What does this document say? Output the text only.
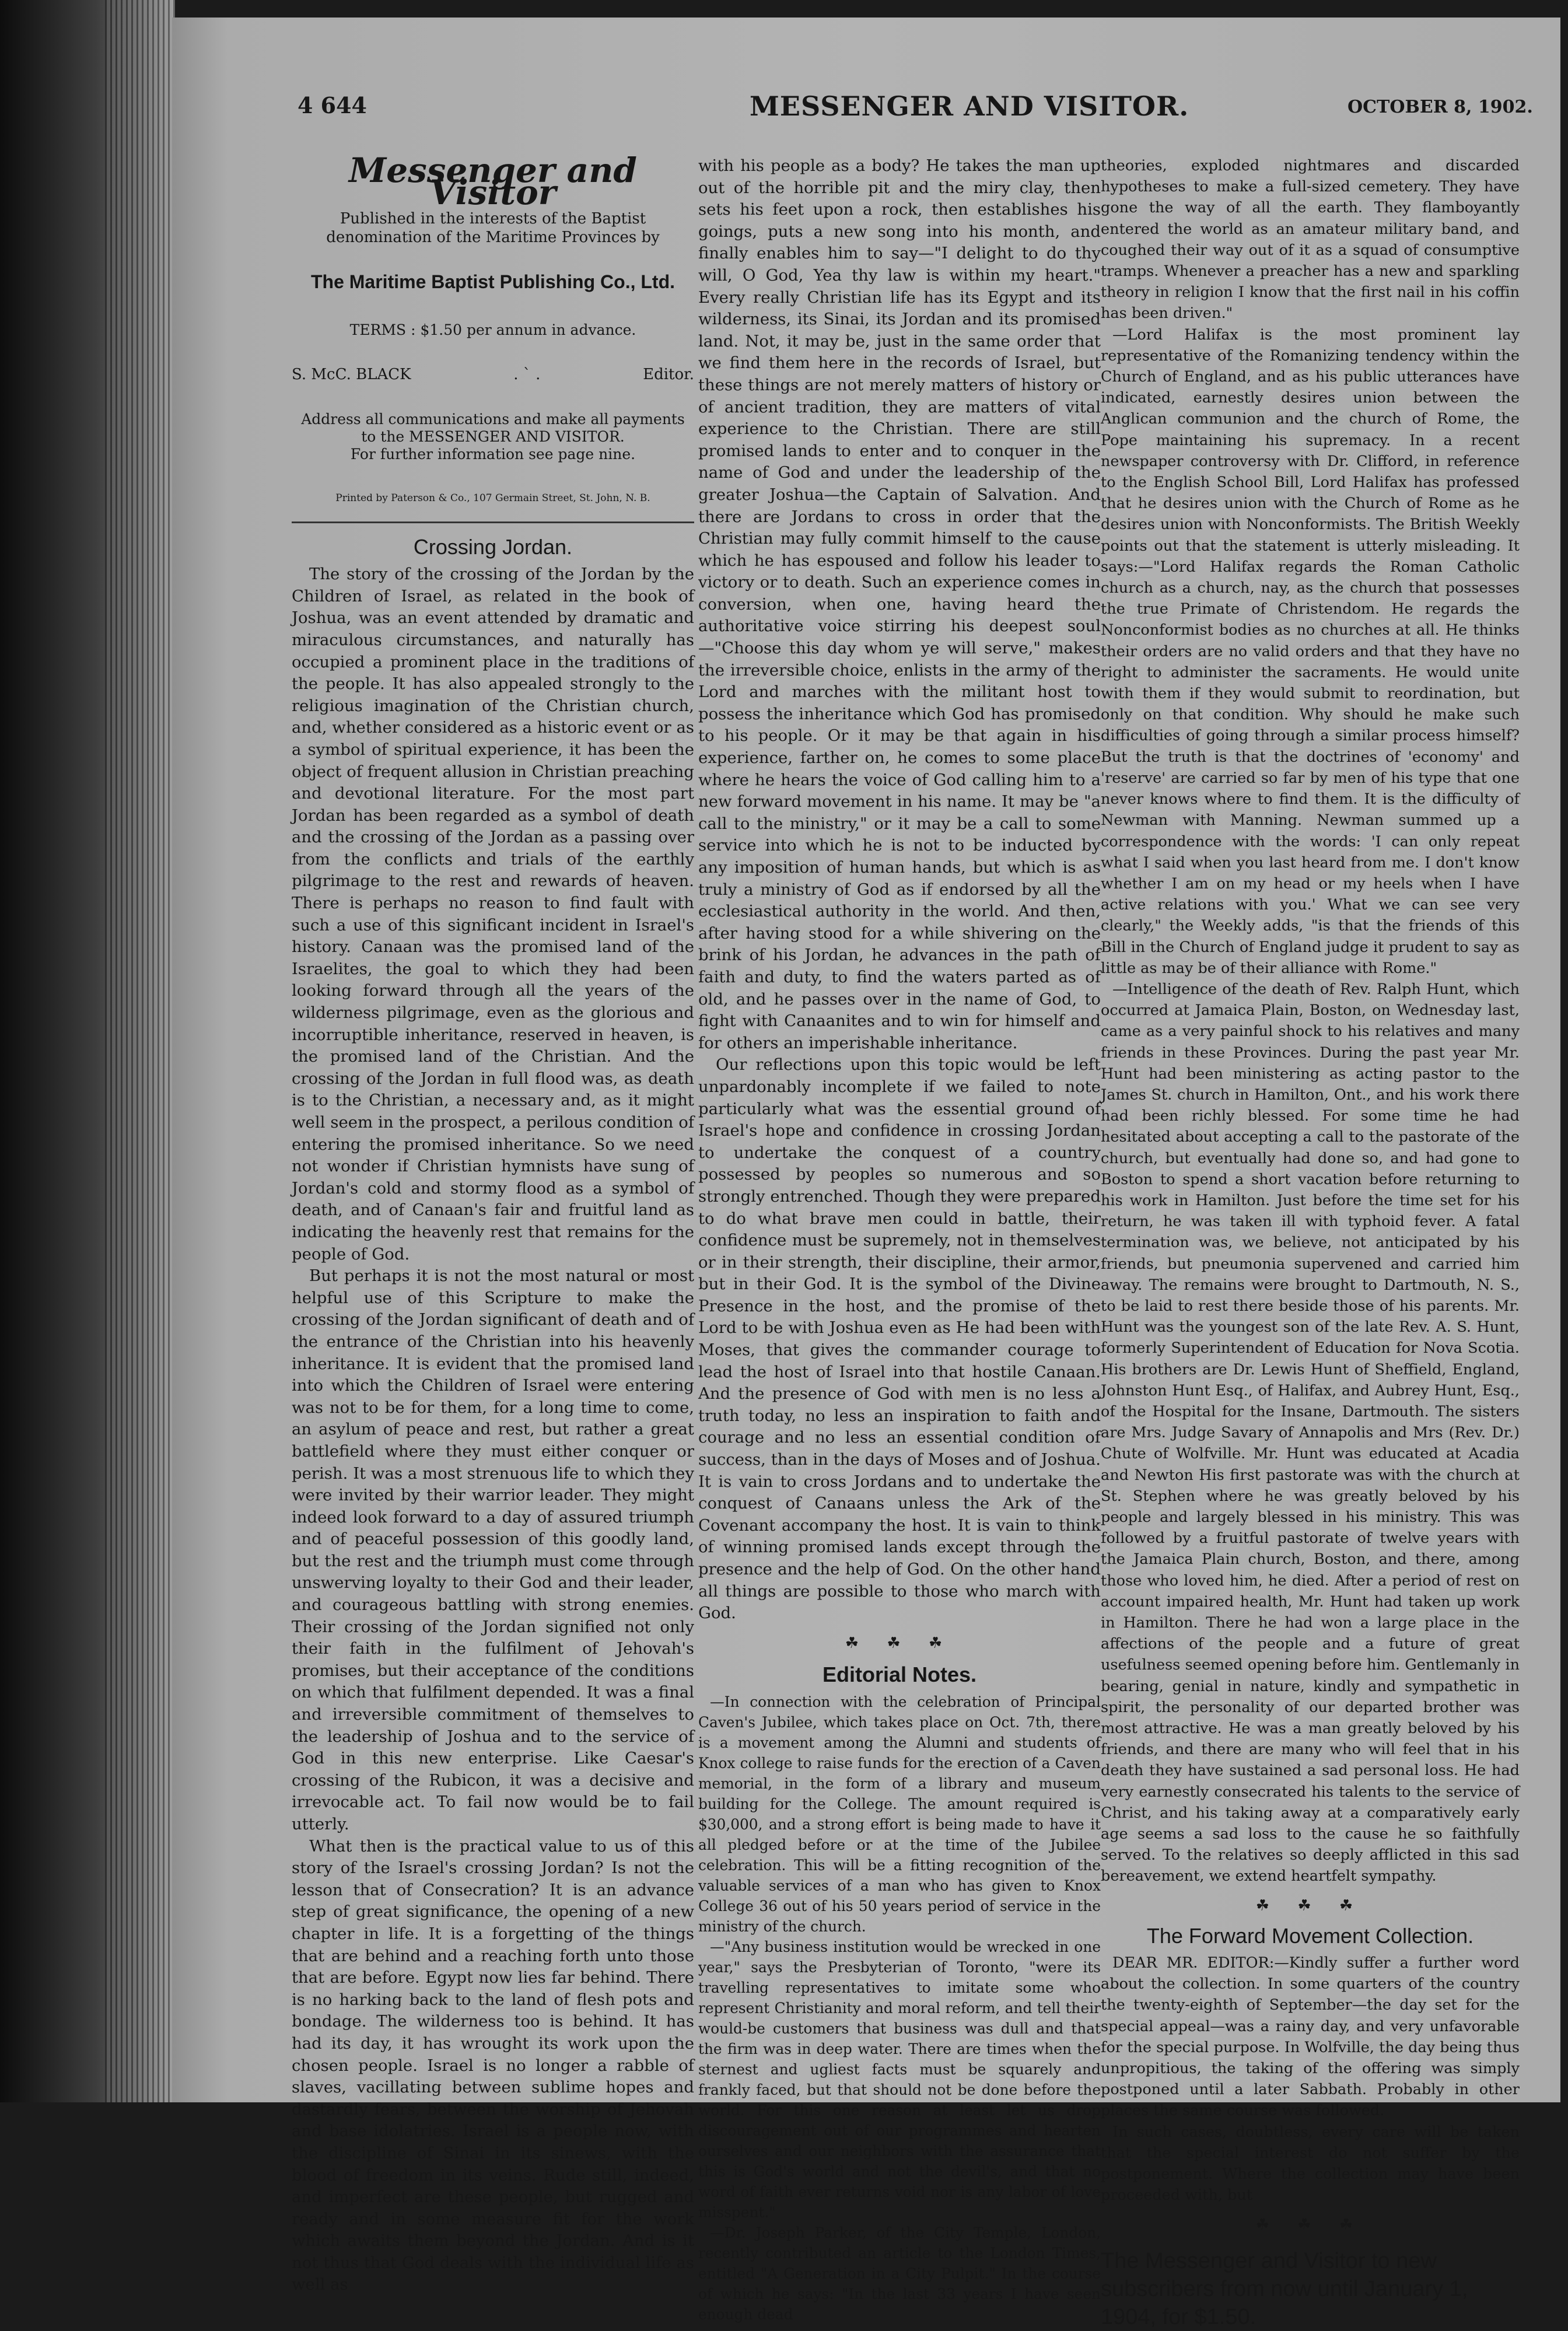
4 644	MESSENGER AND VISITOR.	OCTOBER 8, 1902.
Messenger and Visitor
Published in the interests of the Baptist denomination of the Maritime Provinces by
The Maritime Baptist Publishing Co., Ltd.
TERMS : $1.50 per annum in advance.
S. McC. BLACK	. ` .	Editor.
Address all communications and make all payments to the MESSENGER AND VISITOR.
For further information see page nine.
Printed by Paterson & Co., 107 Germain Street, St. John, N. B.
Crossing Jordan.

The story of the crossing of the Jordan by the Children of Israel, as related in the book of Joshua, was an event attended by dramatic and miraculous circumstances, and naturally has occupied a prominent place in the traditions of the people. It has also appealed strongly to the religious imagination of the Christian church, and, whether considered as a historic event or as a symbol of spiritual experience, it has been the object of frequent allusion in Christian preaching and devotional literature. For the most part Jordan has been regarded as a symbol of death and the crossing of the Jordan as a passing over from the conflicts and trials of the earthly pilgrimage to the rest and rewards of heaven. There is perhaps no reason to find fault with such a use of this significant incident in Israel's history. Canaan was the promised land of the Israelites, the goal to which they had been looking forward through all the years of the wilderness pilgrimage, even as the glorious and incorruptible inheritance, reserved in heaven, is the promised land of the Christian. And the crossing of the Jordan in full flood was, as death is to the Christian, a necessary and, as it might well seem in the prospect, a perilous condition of entering the promised inheritance. So we need not wonder if Christian hymnists have sung of Jordan's cold and stormy flood as a symbol of death, and of Canaan's fair and fruitful land as indicating the heavenly rest that remains for the people of God.

But perhaps it is not the most natural or most helpful use of this Scripture to make the crossing of the Jordan significant of death and of the entrance of the Christian into his heavenly inheritance. It is evident that the promised land into which the Children of Israel were entering was not to be for them, for a long time to come, an asylum of peace and rest, but rather a great battlefield where they must either conquer or perish. It was a most strenuous life to which they were invited by their warrior leader. They might indeed look forward to a day of assured triumph and of peaceful possession of this goodly land, but the rest and the triumph must come through unswerving loyalty to their God and their leader, and courageous battling with strong enemies. Their crossing of the Jordan signified not only their faith in the fulfilment of Jehovah's promises, but their acceptance of the conditions on which that fulfilment depended. It was a final and irreversible commitment of themselves to the leadership of Joshua and to the service of God in this new enterprise. Like Caesar's crossing of the Rubicon, it was a decisive and irrevocable act. To fail now would be to fail utterly.

What then is the practical value to us of this story of the Israel's crossing Jordan? Is not the lesson that of Consecration? It is an advance step of great significance, the opening of a new chapter in life. It is a forgetting of the things that are behind and a reaching forth unto those that are before. Egypt now lies far behind. There is no harking back to the land of flesh pots and bondage. The wilderness too is behind. It has had its day, it has wrought its work upon the chosen people. Israel is no longer a rabble of slaves, vacillating between sublime hopes and dastardly fears, between the worship of Jehovah and base idolatries. Israel is a people now, with the discipline of Sinai in its sinews, with the blood of freedom in its veins. Rude still, indeed, and imperfect are these people, but rugged and ready and in some measure fit for the work which awaits them beyond the Jordan. And is it not thus that God deals with the individual life as well as

with his people as a body? He takes the man up out of the horrible pit and the miry clay, then sets his feet upon a rock, then establishes his goings, puts a new song into his month, and finally enables him to say—"I delight to do thy will, O God, Yea thy law is within my heart." Every really Christian life has its Egypt and its wilderness, its Sinai, its Jordan and its promised land. Not, it may be, just in the same order that we find them here in the records of Israel, but these things are not merely matters of history or of ancient tradition, they are matters of vital experience to the Christian. There are still promised lands to enter and to conquer in the name of God and under the leadership of the greater Joshua—the Captain of Salvation. And there are Jordans to cross in order that the Christian may fully commit himself to the cause which he has espoused and follow his leader to victory or to death. Such an experience comes in conversion, when one, having heard the authoritative voice stirring his deepest soul—"Choose this day whom ye will serve," makes the irreversible choice, enlists in the army of the Lord and marches with the militant host to possess the inheritance which God has promised to his people. Or it may be that again in his experience, farther on, he comes to some place where he hears the voice of God calling him to a new forward movement in his name. It may be "a call to the ministry," or it may be a call to some service into which he is not to be inducted by any imposition of human hands, but which is as truly a ministry of God as if endorsed by all the ecclesiastical authority in the world. And then, after having stood for a while shivering on the brink of his Jordan, he advances in the path of faith and duty, to find the waters parted as of old, and he passes over in the name of God, to fight with Canaanites and to win for himself and for others an imperishable inheritance.

Our reflections upon this topic would be left unpardonably incomplete if we failed to note particularly what was the essential ground of Israel's hope and confidence in crossing Jordan to undertake the conquest of a country possessed by peoples so numerous and so strongly entrenched. Though they were prepared to do what brave men could in battle, their confidence must be supremely, not in themselves or in their strength, their discipline, their armor, but in their God. It is the symbol of the Divine Presence in the host, and the promise of the Lord to be with Joshua even as He had been with Moses, that gives the commander courage to lead the host of Israel into that hostile Canaan. And the presence of God with men is no less a truth today, no less an inspiration to faith and courage and no less an essential condition of success, than in the days of Moses and of Joshua. It is vain to cross Jordans and to undertake the conquest of Canaans unless the Ark of the Covenant accompany the host. It is vain to think of winning promised lands except through the presence and the help of God. On the other hand all things are possible to those who march with God.

☘ ☘ ☘
Editorial Notes.

—In connection with the celebration of Principal Caven's Jubilee, which takes place on Oct. 7th, there is a movement among the Alumni and students of Knox college to raise funds for the erection of a Caven memorial, in the form of a library and museum building for the College. The amount required is $30,000, and a strong effort is being made to have it all pledged before or at the time of the Jubilee celebration. This will be a fitting recognition of the valuable services of a man who has given to Knox College 36 out of his 50 years period of service in the ministry of the church.

—"Any business institution would be wrecked in one year," says the Presbyterian of Toronto, "were its travelling representatives to imitate some who represent Christianity and moral reform, and tell their would-be customers that business was dull and that the firm was in deep water. There are times when the sternest and ugliest facts must be squarely and frankly faced, but that should not be done before the world. For this one reason at least let us drop discouragement out of our programmes and hearten ourselves and our neighbors with the assurance that this is God's world and not the devil's, and that no word of faith ever returns void nor is any labor of love misspent."

—Dr. Joseph Parker, of the City Temple, London, recently contributed an article to the London Times, entitled "A Generation in a City Pulpit." In the course of which he says: "In the last 33 years I have seen enough dead

theories, exploded nightmares and discarded hypotheses to make a full-sized cemetery. They have gone the way of all the earth. They flamboyantly entered the world as an amateur military band, and coughed their way out of it as a squad of consumptive tramps. Whenever a preacher has a new and sparkling theory in religion I know that the first nail in his coffin has been driven."

—Lord Halifax is the most prominent lay representative of the Romanizing tendency within the Church of England, and as his public utterances have indicated, earnestly desires union between the Anglican communion and the church of Rome, the Pope maintaining his supremacy. In a recent newspaper controversy with Dr. Clifford, in reference to the English School Bill, Lord Halifax has professed that he desires union with the Church of Rome as he desires union with Nonconformists. The British Weekly points out that the statement is utterly misleading. It says:—"Lord Halifax regards the Roman Catholic church as a church, nay, as the church that possesses the true Primate of Christendom. He regards the Nonconformist bodies as no churches at all. He thinks their orders are no valid orders and that they have no right to administer the sacraments. He would unite with them if they would submit to reordination, but only on that condition. Why should he make such difficulties of going through a similar process himself? But the truth is that the doctrines of 'economy' and 'reserve' are carried so far by men of his type that one never knows where to find them. It is the difficulty of Newman with Manning. Newman summed up a correspondence with the words: 'I can only repeat what I said when you last heard from me. I don't know whether I am on my head or my heels when I have active relations with you.' What we can see very clearly," the Weekly adds, "is that the friends of this Bill in the Church of England judge it prudent to say as little as may be of their alliance with Rome."

—Intelligence of the death of Rev. Ralph Hunt, which occurred at Jamaica Plain, Boston, on Wednesday last, came as a very painful shock to his relatives and many friends in these Provinces. During the past year Mr. Hunt had been ministering as acting pastor to the James St. church in Hamilton, Ont., and his work there had been richly blessed. For some time he had hesitated about accepting a call to the pastorate of the church, but eventually had done so, and had gone to Boston to spend a short vacation before returning to his work in Hamilton. Just before the time set for his return, he was taken ill with typhoid fever. A fatal termination was, we believe, not anticipated by his friends, but pneumonia supervened and carried him away. The remains were brought to Dartmouth, N. S., to be laid to rest there beside those of his parents. Mr. Hunt was the youngest son of the late Rev. A. S. Hunt, formerly Superintendent of Education for Nova Scotia. His brothers are Dr. Lewis Hunt of Sheffield, England, Johnston Hunt Esq., of Halifax, and Aubrey Hunt, Esq., of the Hospital for the Insane, Dartmouth. The sisters are Mrs. Judge Savary of Annapolis and Mrs (Rev. Dr.) Chute of Wolfville. Mr. Hunt was educated at Acadia and Newton His first pastorate was with the church at St. Stephen where he was greatly beloved by his people and largely blessed in his ministry. This was followed by a fruitful pastorate of twelve years with the Jamaica Plain church, Boston, and there, among those who loved him, he died. After a period of rest on account impaired health, Mr. Hunt had taken up work in Hamilton. There he had won a large place in the affections of the people and a future of great usefulness seemed opening before him. Gentlemanly in bearing, genial in nature, kindly and sympathetic in spirit, the personality of our departed brother was most attractive. He was a man greatly beloved by his friends, and there are many who will feel that in his death they have sustained a sad personal loss. He had very earnestly consecrated his talents to the service of Christ, and his taking away at a comparatively early age seems a sad loss to the cause he so faithfully served. To the relatives so deeply afflicted in this sad bereavement, we extend heartfelt sympathy.

☘ ☘ ☘
The Forward Movement Collection.

DEAR MR. EDITOR:—Kindly suffer a further word about the collection. In some quarters of the country the twenty-eighth of September—the day set for the special appeal—was a rainy day, and very unfavorable for the special purpose. In Wolfville, the day being thus unpropitious, the taking of the offering was simply postponed until a later Sabbath. Probably in other places the same course was followed.

In such cases, doubtless, every care will be taken that the special interest do not suffer by the postponement. Where the collection may have been proceeded with, but

☘ ☘ ☘
The Messenger and Visitor to new subscribers from now until January 1, 1904, for $1.50.
